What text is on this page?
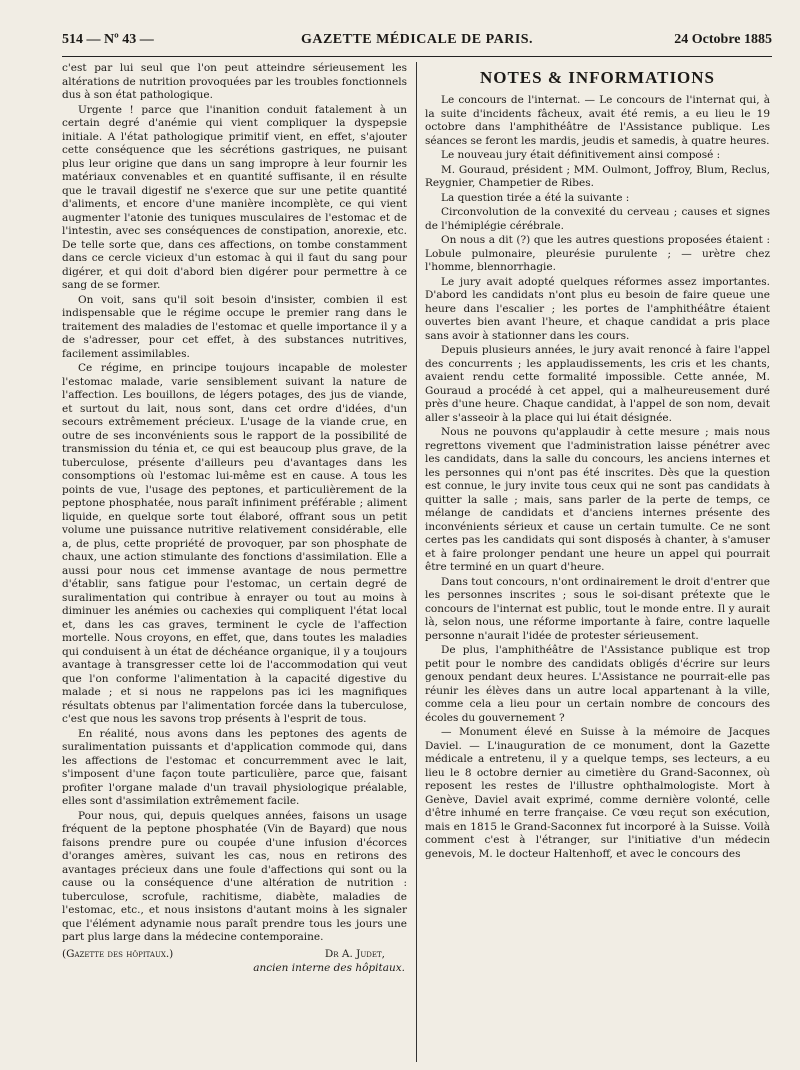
514 — Nº 43 —	GAZETTE MÉDICALE DE PARIS.	24 Octobre 1885

c'est par lui seul que l'on peut atteindre sérieusement les altérations de nutrition provoquées par les troubles fonctionnels dus à son état pathologique.

Urgente ! parce que l'inanition conduit fatalement à un certain degré d'anémie qui vient compliquer la dyspepsie initiale. A l'état pathologique primitif vient, en effet, s'ajouter cette conséquence que les sécrétions gastriques, ne puisant plus leur origine que dans un sang impropre à leur fournir les matériaux convenables et en quantité suffisante, il en résulte que le travail digestif ne s'exerce que sur une petite quantité d'aliments, et encore d'une manière incomplète, ce qui vient augmenter l'atonie des tuniques musculaires de l'estomac et de l'intestin, avec ses conséquences de constipation, anorexie, etc. De telle sorte que, dans ces affections, on tombe constamment dans ce cercle vicieux d'un estomac à qui il faut du sang pour digérer, et qui doit d'abord bien digérer pour permettre à ce sang de se former.

On voit, sans qu'il soit besoin d'insister, combien il est indispensable que le régime occupe le premier rang dans le traitement des maladies de l'estomac et quelle importance il y a de s'adresser, pour cet effet, à des substances nutritives, facilement assimilables.

Ce régime, en principe toujours incapable de molester l'estomac malade, varie sensiblement suivant la nature de l'affection. Les bouillons, de légers potages, des jus de viande, et surtout du lait, nous sont, dans cet ordre d'idées, d'un secours extrêmement précieux. L'usage de la viande crue, en outre de ses inconvénients sous le rapport de la possibilité de transmission du ténia et, ce qui est beaucoup plus grave, de la tuberculose, présente d'ailleurs peu d'avantages dans les consomptions où l'estomac lui-même est en cause. A tous les points de vue, l'usage des peptones, et particulièrement de la peptone phosphatée, nous paraît infiniment préférable ; aliment liquide, en quelque sorte tout élaboré, offrant sous un petit volume une puissance nutritive relativement considérable, elle a, de plus, cette propriété de provoquer, par son phosphate de chaux, une action stimulante des fonctions d'assimilation. Elle a aussi pour nous cet immense avantage de nous permettre d'établir, sans fatigue pour l'estomac, un certain degré de suralimentation qui contribue à enrayer ou tout au moins à diminuer les anémies ou cachexies qui compliquent l'état local et, dans les cas graves, terminent le cycle de l'affection mortelle. Nous croyons, en effet, que, dans toutes les maladies qui conduisent à un état de déchéance organique, il y a toujours avantage à transgresser cette loi de l'accommodation qui veut que l'on conforme l'alimentation à la capacité digestive du malade ; et si nous ne rappelons pas ici les magnifiques résultats obtenus par l'alimentation forcée dans la tuberculose, c'est que nous les savons trop présents à l'esprit de tous.

En réalité, nous avons dans les peptones des agents de suralimentation puissants et d'application commode qui, dans les affections de l'estomac et concurremment avec le lait, s'imposent d'une façon toute particulière, parce que, faisant profiter l'organe malade d'un travail physiologique préalable, elles sont d'assimilation extrêmement facile.

Pour nous, qui, depuis quelques années, faisons un usage fréquent de la peptone phosphatée (Vin de Bayard) que nous faisons prendre pure ou coupée d'une infusion d'écorces d'oranges amères, suivant les cas, nous en retirons des avantages précieux dans une foule d'affections qui sont ou la cause ou la conséquence d'une altération de nutrition : tuberculose, scrofule, rachitisme, diabète, maladies de l'estomac, etc., et nous insistons d'autant moins à les signaler que l'élément adynamie nous paraît prendre tous les jours une part plus large dans la médecine contemporaine.

(Gazette des hôpitaux.)	Dr A. Judet,
ancien interne des hôpitaux.
NOTES & INFORMATIONS

Le concours de l'internat. — Le concours de l'internat qui, à la suite d'incidents fâcheux, avait été remis, a eu lieu le 19 octobre dans l'amphithéâtre de l'Assistance publique. Les séances se feront les mardis, jeudis et samedis, à quatre heures.

Le nouveau jury était définitivement ainsi composé :

M. Gouraud, président ; MM. Oulmont, Joffroy, Blum, Reclus, Reygnier, Champetier de Ribes.

La question tirée a été la suivante :

Circonvolution de la convexité du cerveau ; causes et signes de l'hémiplégie cérébrale.

On nous a dit (?) que les autres questions proposées étaient : Lobule pulmonaire, pleurésie purulente ; — urètre chez l'homme, blennorrhagie.

Le jury avait adopté quelques réformes assez importantes. D'abord les candidats n'ont plus eu besoin de faire queue une heure dans l'escalier ; les portes de l'amphithéâtre étaient ouvertes bien avant l'heure, et chaque candidat a pris place sans avoir à stationner dans les cours.

Depuis plusieurs années, le jury avait renoncé à faire l'appel des concurrents ; les applaudissements, les cris et les chants, avaient rendu cette formalité impossible. Cette année, M. Gouraud a procédé à cet appel, qui a malheureusement duré près d'une heure. Chaque candidat, à l'appel de son nom, devait aller s'asseoir à la place qui lui était désignée.

Nous ne pouvons qu'applaudir à cette mesure ; mais nous regrettons vivement que l'administration laisse pénétrer avec les candidats, dans la salle du concours, les anciens internes et les personnes qui n'ont pas été inscrites. Dès que la question est connue, le jury invite tous ceux qui ne sont pas candidats à quitter la salle ; mais, sans parler de la perte de temps, ce mélange de candidats et d'anciens internes présente des inconvénients sérieux et cause un certain tumulte. Ce ne sont certes pas les candidats qui sont disposés à chanter, à s'amuser et à faire prolonger pendant une heure un appel qui pourrait être terminé en un quart d'heure.

Dans tout concours, n'ont ordinairement le droit d'entrer que les personnes inscrites ; sous le soi-disant prétexte que le concours de l'internat est public, tout le monde entre. Il y aurait là, selon nous, une réforme importante à faire, contre laquelle personne n'aurait l'idée de protester sérieusement.

De plus, l'amphithéâtre de l'Assistance publique est trop petit pour le nombre des candidats obligés d'écrire sur leurs genoux pendant deux heures. L'Assistance ne pourrait-elle pas réunir les élèves dans un autre local appartenant à la ville, comme cela a lieu pour un certain nombre de concours des écoles du gouvernement ?

— Monument élevé en Suisse à la mémoire de Jacques Daviel. — L'inauguration de ce monument, dont la Gazette médicale a entretenu, il y a quelque temps, ses lecteurs, a eu lieu le 8 octobre dernier au cimetière du Grand-Saconnex, où reposent les restes de l'illustre ophthalmologiste. Mort à Genève, Daviel avait exprimé, comme dernière volonté, celle d'être inhumé en terre française. Ce vœu reçut son exécution, mais en 1815 le Grand-Saconnex fut incorporé à la Suisse. Voilà comment c'est à l'étranger, sur l'initiative d'un médecin genevois, M. le docteur Haltenhoff, et avec le concours des
